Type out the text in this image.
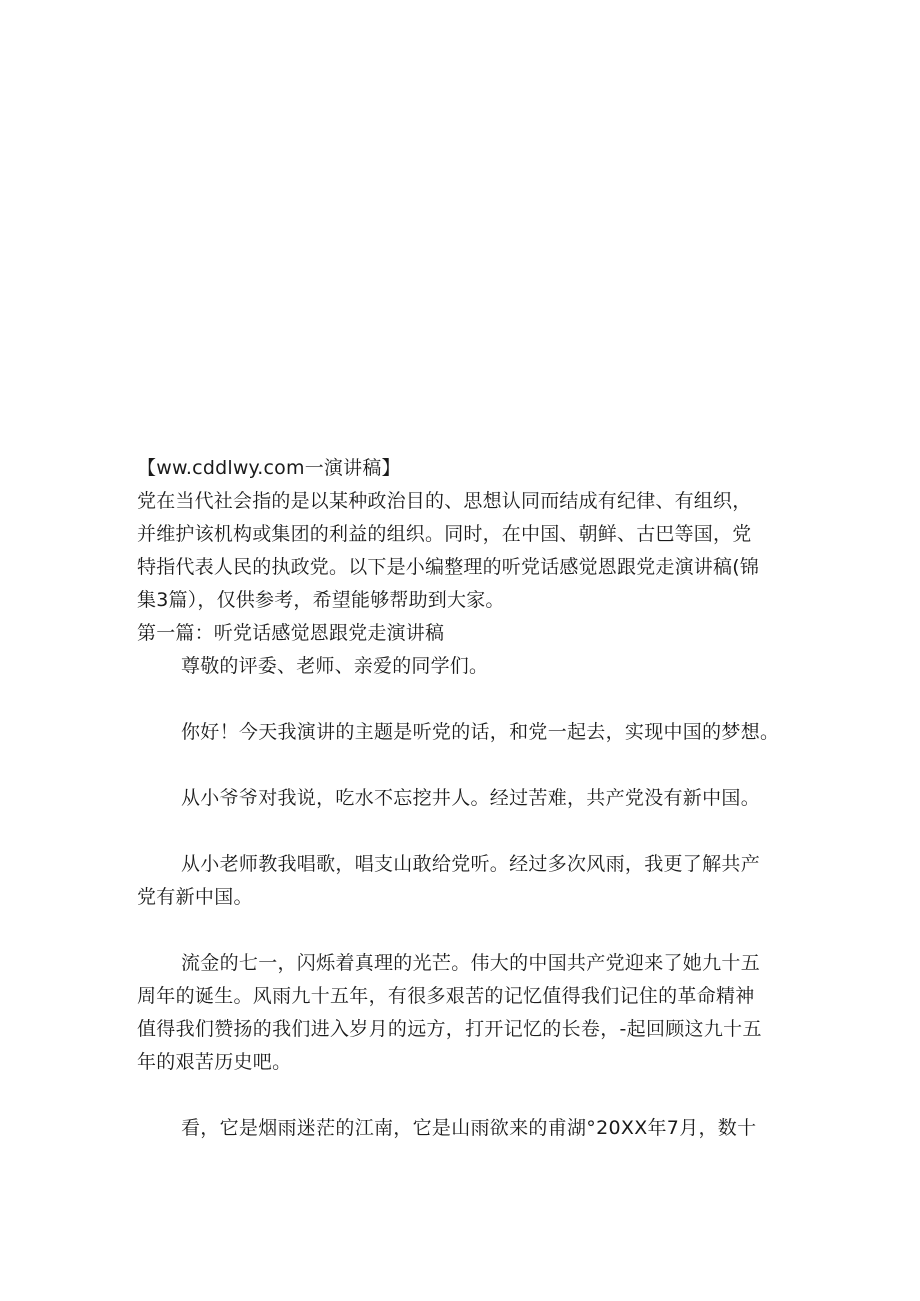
【ww.cddlwy.com一演讲稿】
党在当代社会指的是以某种政治目的、思想认同而结成有纪律、有组织，
并维护该机构或集团的利益的组织。同时，在中国、朝鲜、古巴等国，党
特指代表人民的执政党。以下是小编整理的听党话感觉恩跟党走演讲稿(锦
集3篇），仅供参考，希望能够帮助到大家。
第一篇：听党话感觉恩跟党走演讲稿
尊敬的评委、老师、亲爱的同学们。
你好！今天我演讲的主题是听党的话，和党一起去，实现中国的梦想。
从小爷爷对我说，吃水不忘挖井人。经过苦难，共产党没有新中国。
从小老师教我唱歌，唱支山敢给党听。经过多次风雨，我更了解共产
党有新中国。
流金的七一，闪烁着真理的光芒。伟大的中国共产党迎来了她九十五
周年的诞生。风雨九十五年，有很多艰苦的记忆值得我们记住的革命精神
值得我们赞扬的我们进入岁月的远方，打开记忆的长卷，-起回顾这九十五
年的艰苦历史吧。
看，它是烟雨迷茫的江南，它是山雨欲来的甫湖°20XX年7月，数十
